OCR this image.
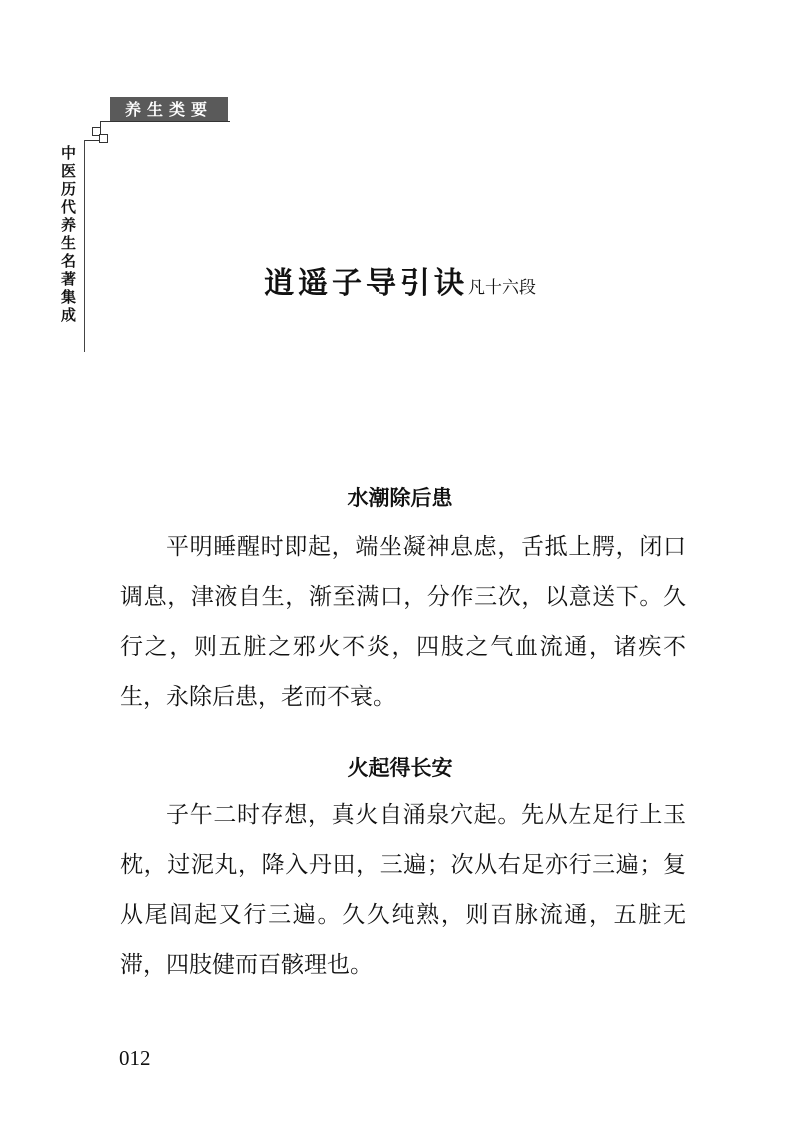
养生类要
中医历代养生名著集成	逍遥子导引诀凡十六段
水潮除后患

平明睡醒时即起，端坐凝神息虑，舌抵上腭，闭口调息，津液自生，渐至满口，分作三次，以意送下。久行之，则五脏之邪火不炎，四肢之气血流通，诸疾不生，永除后患，老而不衰。

火起得长安

子午二时存想，真火自涌泉穴起。先从左足行上玉枕，过泥丸，降入丹田，三遍；次从右足亦行三遍；复从尾闾起又行三遍。久久纯熟，则百脉流通，五脏无滞，四肢健而百骸理也。

012
